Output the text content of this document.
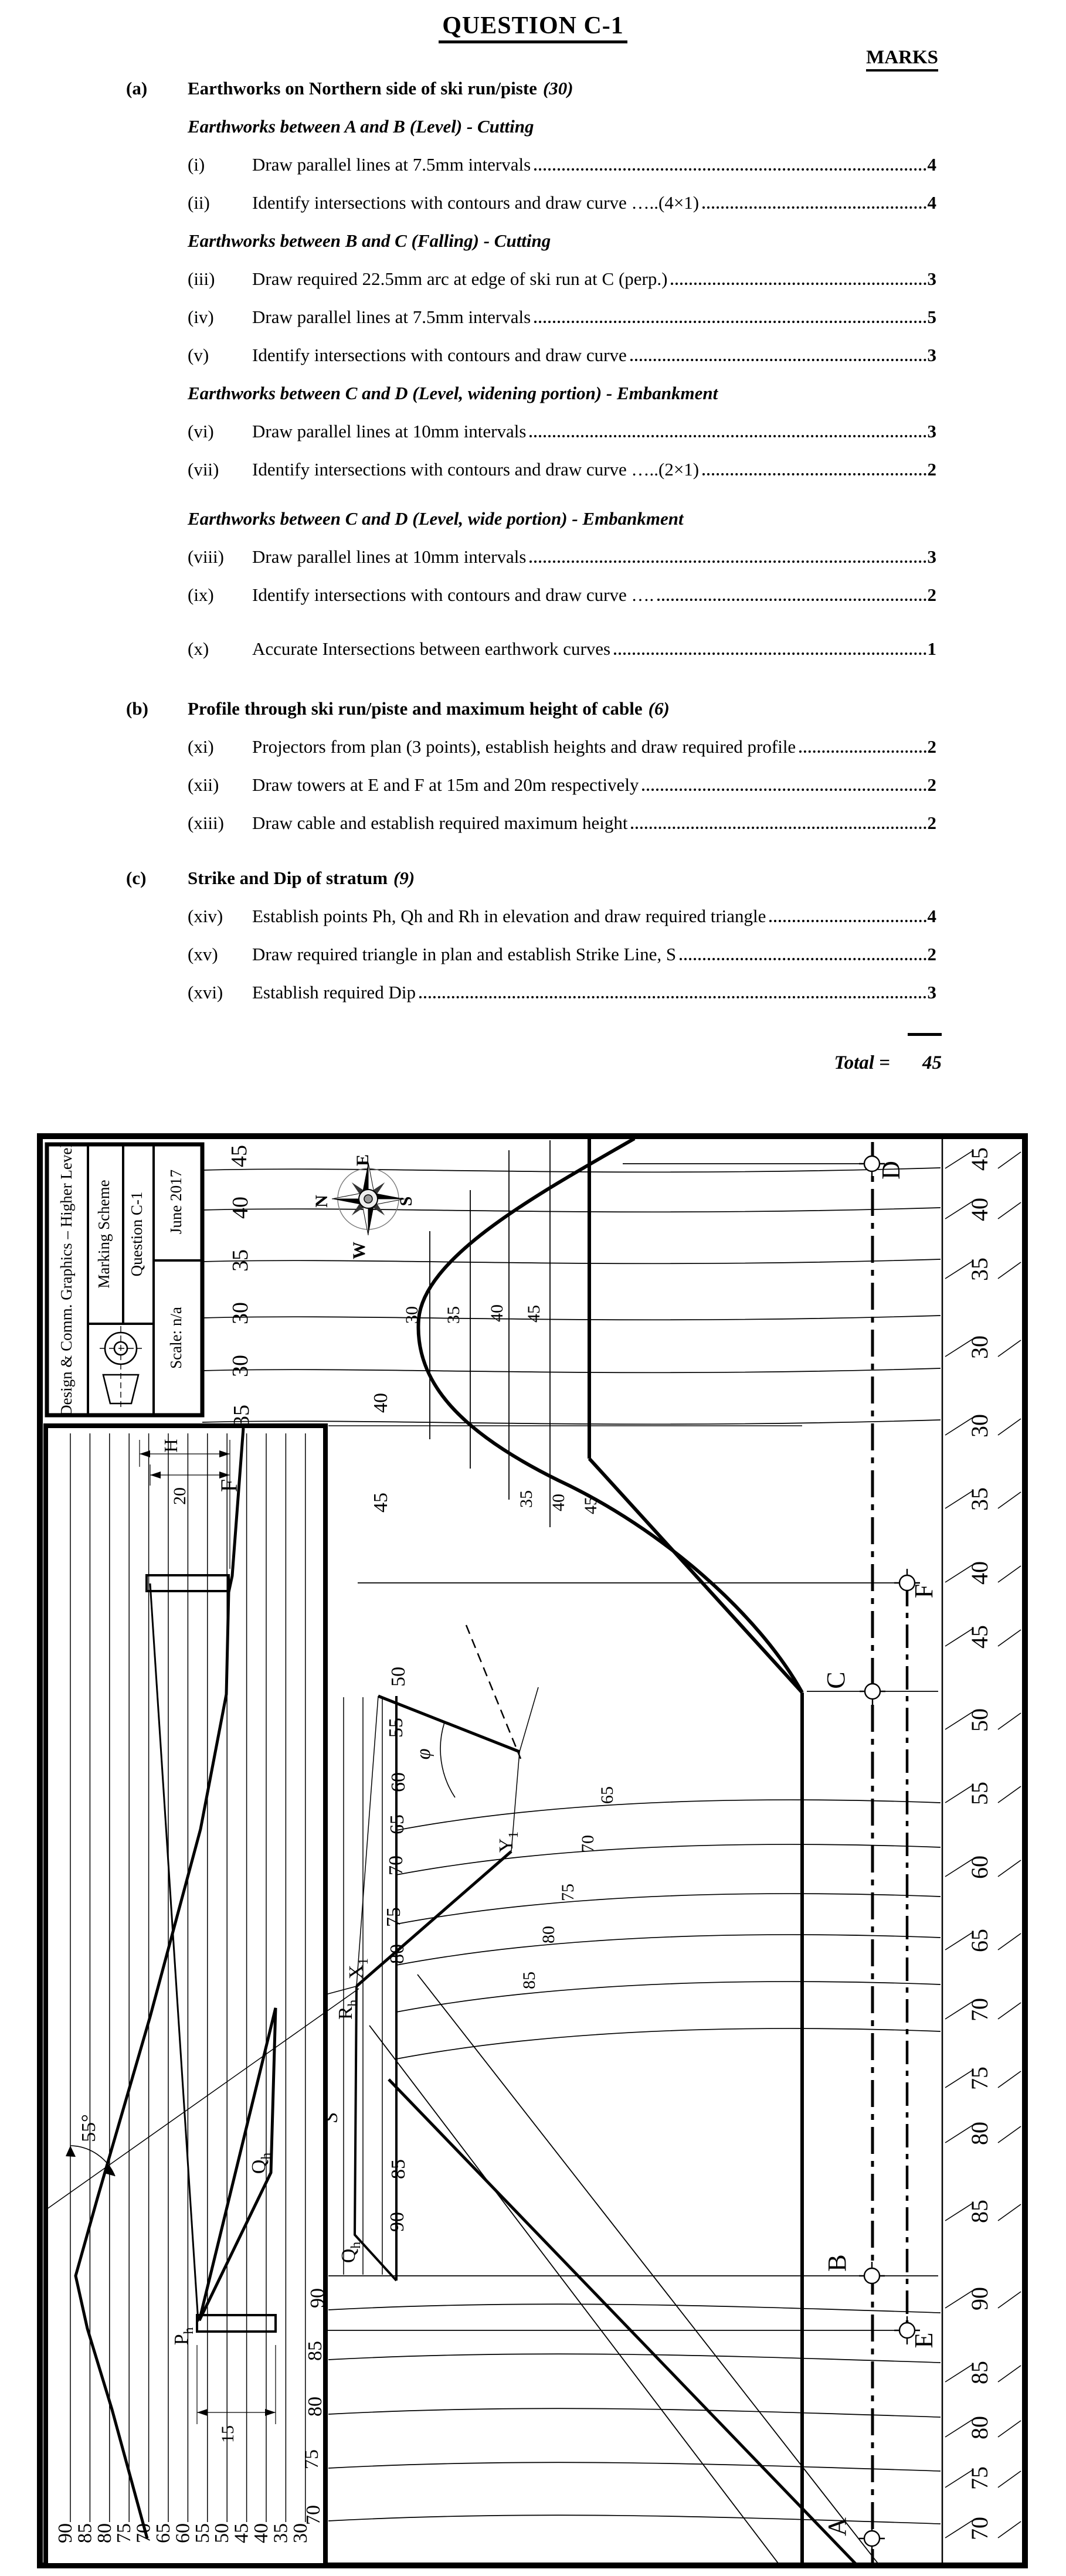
QUESTION C-1
MARKS
(a)	Earthworks on Northern side of ski run/piste (30)
Earthworks between A and B (Level) - Cutting
(i)	Draw parallel lines at 7.5mm intervals	4
(ii)	Identify intersections with contours and draw curve …..(4×1)	4
Earthworks between B and C (Falling) - Cutting
(iii)	Draw required 22.5mm arc at edge of ski run at C (perp.)	3
(iv)	Draw parallel lines at 7.5mm intervals	5
(v)	Identify intersections with contours and draw curve	3
Earthworks between C and D (Level, widening portion) - Embankment
(vi)	Draw parallel lines at 10mm intervals	3
(vii)	Identify intersections with contours and draw curve …..(2×1)	2
Earthworks between C and D (Level, wide portion) - Embankment
(viii)	Draw parallel lines at 10mm intervals	3
(ix)	Identify intersections with contours and draw curve ….	2
(x)	Accurate Intersections between earthwork curves	1
(b)	Profile through ski run/piste and maximum height of cable (6)
(xi)	Projectors from plan (3 points), establish heights and draw required profile	2
(xii)	Draw towers at E and F at 15m and 20m respectively	2
(xiii)	Draw cable and establish required maximum height	2
(c)	Strike and Dip of stratum (9)
(xiv)	Establish points Ph, Qh and Rh in elevation and draw required triangle	4
(xv)	Draw required triangle in plan and establish Strike Line, S	2
(xvi)	Establish required Dip	3
Total = 45
45
40
35
30
30
35
40
45
50
55
60
65
70
75
80
85
90
85
80
75
70
90
85
80
75
70
65
60
55
50
45
40
35
30
H
20
F
15
55°
45
40
35
30
30
35
30 35 40 45
35 40 45
40
45
50
55
60
65
70
75
80
85
90
65
70
75
80
85
90
85
80
75
70
$P_h$
$Q_h$
$R_h$
$X_1$
$Y_1$
$Q_h$
S
φ
D
F
C
B
E
A
E
S
W
N
Design & Comm. Graphics – Higher Level Marking Scheme Question C-1 June 2017
Scale: n/a
